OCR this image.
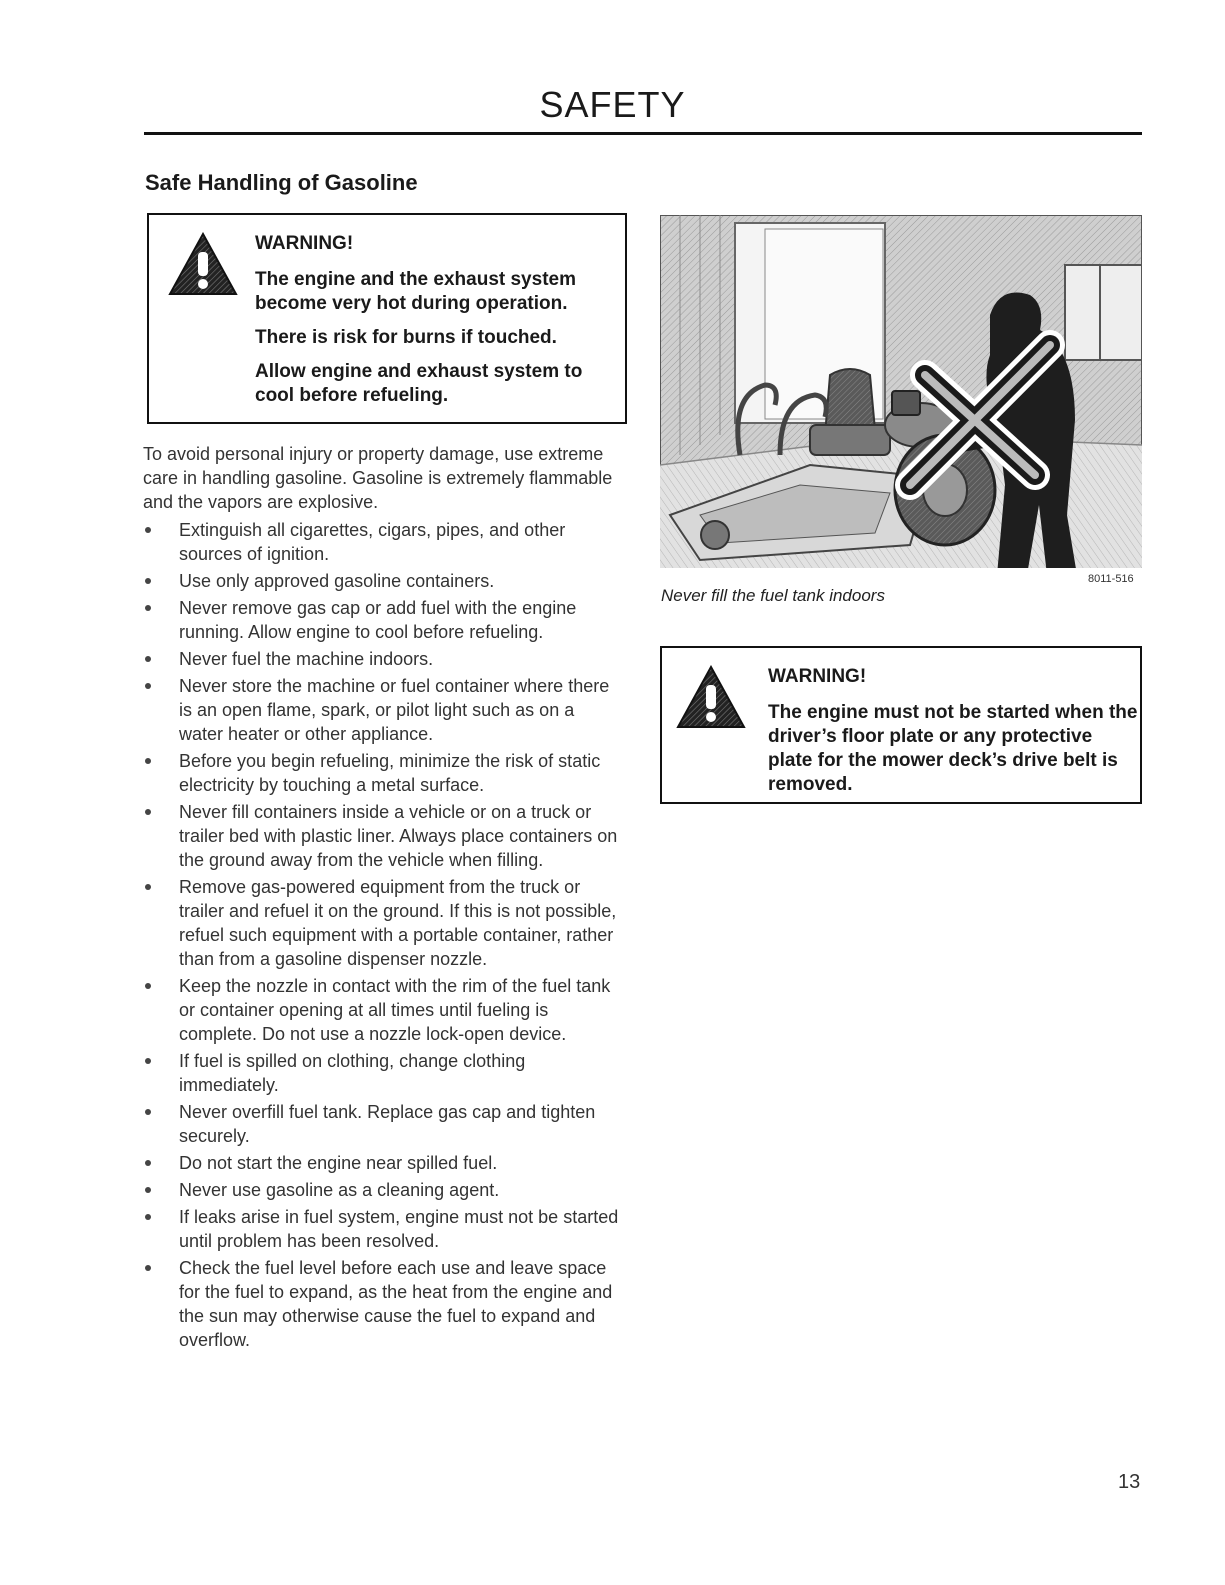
SAFETY
Safe Handling of Gasoline
WARNING!

The engine and the exhaust system become very hot during operation.

There is risk for burns if touched.

Allow engine and exhaust system to cool before refueling.

To avoid personal injury or property damage, use extreme care in handling gasoline. Gasoline is extremely flammable and the vapors are explosive.
Extinguish all cigarettes, cigars, pipes, and other sources of ignition.
Use only approved gasoline containers.
Never remove gas cap or add fuel with the engine running. Allow engine to cool before refueling.
Never fuel the machine indoors.
Never store the machine or fuel container where there is an open flame, spark, or pilot light such as on a water heater or other appliance.
Before you begin refueling, minimize the risk of static electricity by touching a metal surface.
Never fill containers inside a vehicle or on a truck or trailer bed with plastic liner. Always place containers on the ground away from the vehicle when filling.
Remove gas-powered equipment from the truck or trailer and refuel it on the ground. If this is not possible, refuel such equipment with a portable container, rather than from a gasoline dispenser nozzle.
Keep the nozzle in contact with the rim of the fuel tank or container opening at all times until fueling is complete. Do not use a nozzle lock-open device.
If fuel is spilled on clothing, change clothing immediately.
Never overfill fuel tank. Replace gas cap and tighten securely.
Do not start the engine near spilled fuel.
Never use gasoline as a cleaning agent.
If leaks arise in fuel system, engine must not be started until problem has been resolved.
Check the fuel level before each use and leave space for the fuel to expand, as the heat from the engine and the sun may otherwise cause the fuel to expand and overflow.
8011-516
Never fill the fuel tank indoors
WARNING!

The engine must not be started when the driver’s floor plate or any protective plate for the mower deck’s drive belt is removed.

13
